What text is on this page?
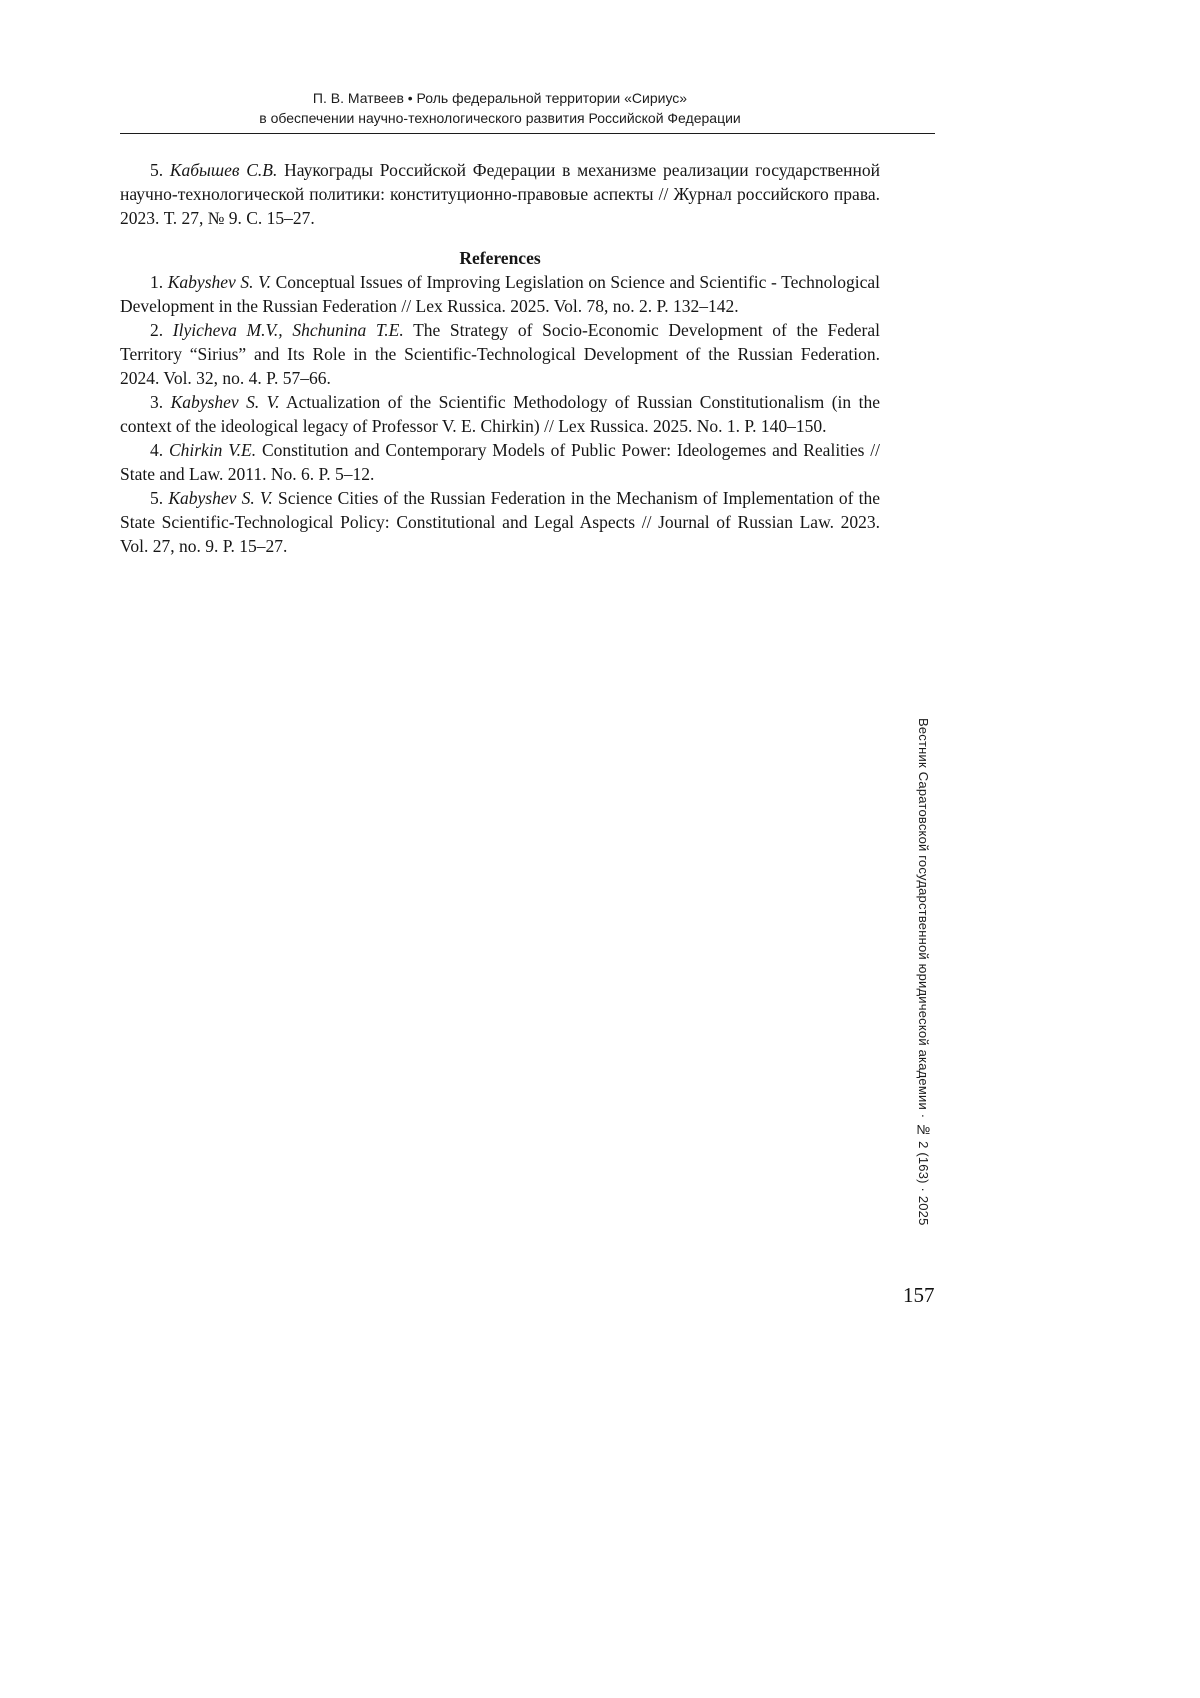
П. В. Матвеев • Роль федеральной территории «Сириус»
в обеспечении научно-технологического развития Российской Федерации

5. Кабышев С.В. Наукограды Российской Федерации в механизме реализации государственной научно-технологической политики: конституционно-правовые аспекты // Журнал российского права. 2023. Т. 27, № 9. С. 15–27.

References

1. Kabyshev S. V. Conceptual Issues of Improving Legislation on Science and Scientific - Technological Development in the Russian Federation // Lex Russica. 2025. Vol. 78, no. 2. P. 132–142.

2. Ilyicheva M.V., Shchunina T.E. The Strategy of Socio-Economic Development of the Federal Territory “Sirius” and Its Role in the Scientific-Technological Development of the Russian Federation. 2024. Vol. 32, no. 4. P. 57–66.

3. Kabyshev S. V. Actualization of the Scientific Methodology of Russian Constitutionalism (in the context of the ideological legacy of Professor V. E. Chirkin) // Lex Russica. 2025. No. 1. P. 140–150.

4. Chirkin V.E. Constitution and Contemporary Models of Public Power: Ideologemes and Realities // State and Law. 2011. No. 6. P. 5–12.

5. Kabyshev S. V. Science Cities of the Russian Federation in the Mechanism of Implementation of the State Scientific-Technological Policy: Constitutional and Legal Aspects // Journal of Russian Law. 2023. Vol. 27, no. 9. P. 15–27.

Вестник Саратовской государственной юридической академии · № 2 (163) · 2025
157
